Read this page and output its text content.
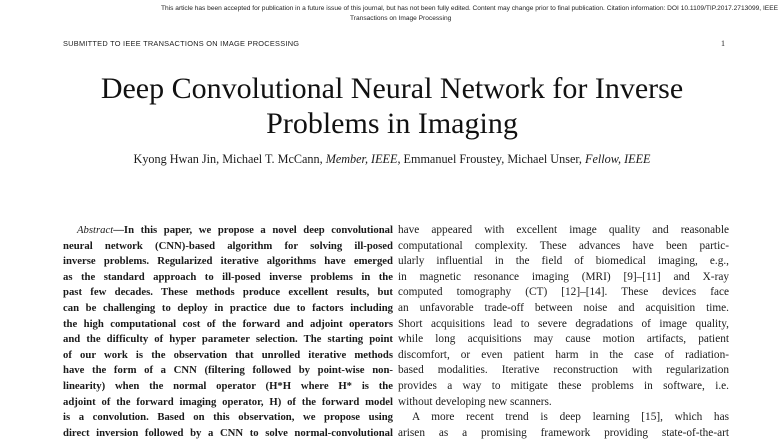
This article has been accepted for publication in a future issue of this journal, but has not been fully edited. Content may change prior to final publication. Citation information: DOI 10.1109/TIP.2017.2713099, IEEE
Transactions on Image Processing
SUBMITTED TO IEEE TRANSACTIONS ON IMAGE PROCESSING	1
Deep Convolutional Neural Network for Inverse
Problems in Imaging
Kyong Hwan Jin, Michael T. McCann, Member, IEEE, Emmanuel Froustey, Michael Unser, Fellow, IEEE
Abstract—In this paper, we propose a novel deep convolutional
neural network (CNN)-based algorithm for solving ill-posed
inverse problems. Regularized iterative algorithms have emerged
as the standard approach to ill-posed inverse problems in the
past few decades. These methods produce excellent results, but
can be challenging to deploy in practice due to factors including
the high computational cost of the forward and adjoint operators
and the difficulty of hyper parameter selection. The starting point
of our work is the observation that unrolled iterative methods
have the form of a CNN (filtering followed by point-wise non-
linearity) when the normal operator (H*H where H* is the
adjoint of the forward imaging operator, H) of the forward model
is a convolution. Based on this observation, we propose using
direct inversion followed by a CNN to solve normal-convolutional
have appeared with excellent image quality and reasonable
computational complexity. These advances have been partic-
ularly influential in the field of biomedical imaging, e.g.,
in magnetic resonance imaging (MRI) [9]–[11] and X-ray
computed tomography (CT) [12]–[14]. These devices face
an unfavorable trade-off between noise and acquisition time.
Short acquisitions lead to severe degradations of image quality,
while long acquisitions may cause motion artifacts, patient
discomfort, or even patient harm in the case of radiation-
based modalities. Iterative reconstruction with regularization
provides a way to mitigate these problems in software, i.e.
without developing new scanners.
A more recent trend is deep learning [15], which has
arisen as a promising framework providing state-of-the-art
